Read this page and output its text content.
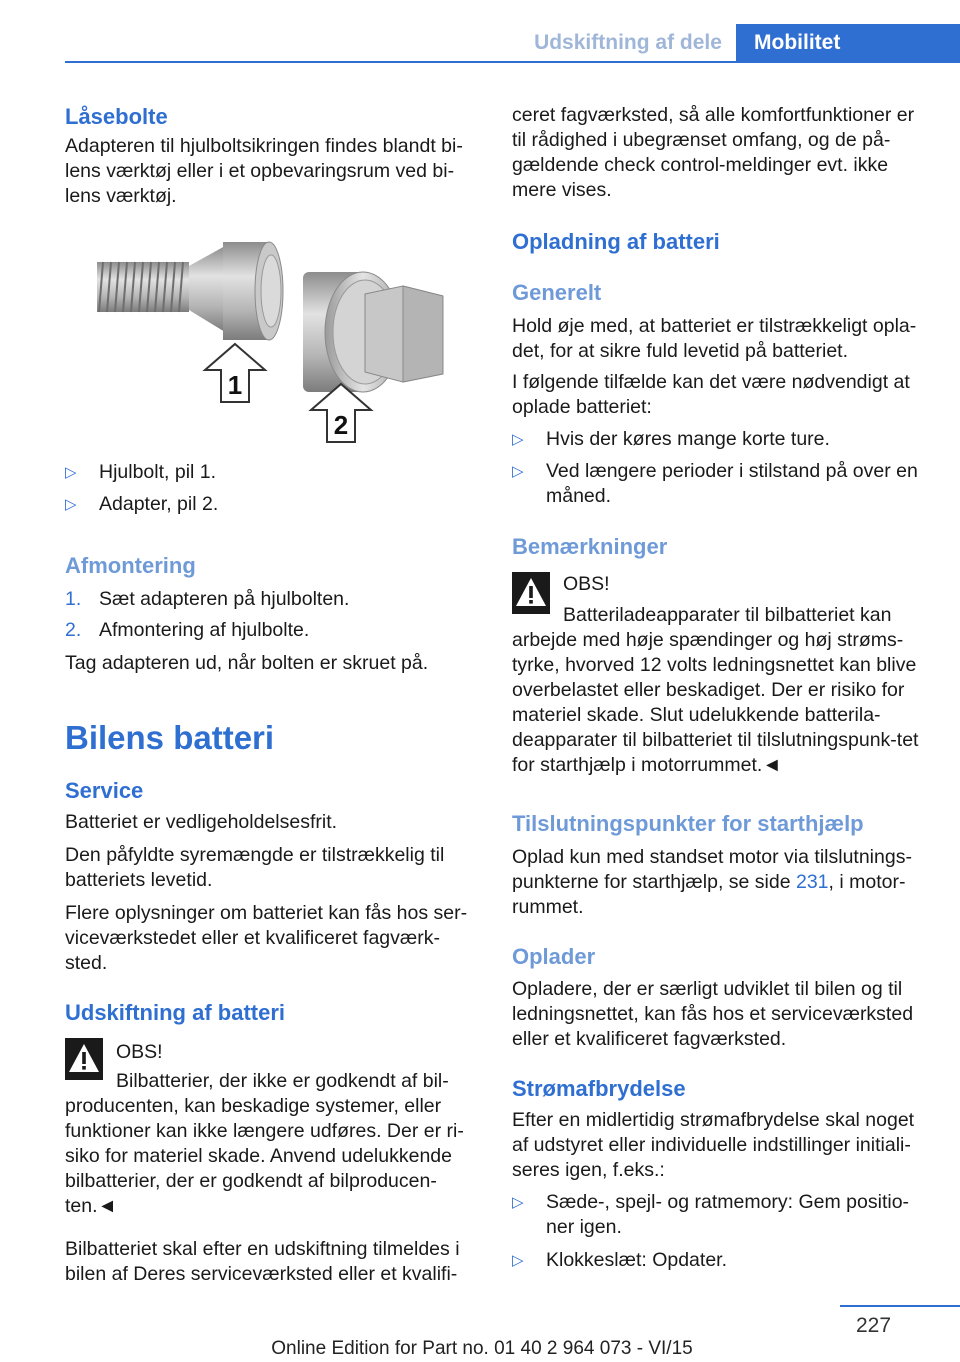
Udskiftning af dele	Mobilitet
Låsebolte

Adapteren til hjulboltsikringen findes blandt bi-lens værktøj eller i et opbevaringsrum ved bi-lens værktøj.

▷ Hjulbolt, pil 1.
▷ Adapter, pil 2.
Afmontering
1. Sæt adapteren på hjulbolten.
2. Afmontering af hjulbolte.

Tag adapteren ud, når bolten er skruet på.

Bilens batteri
Service

Batteriet er vedligeholdelsesfrit.

Den påfyldte syremængde er tilstrækkelig til batteriets levetid.

Flere oplysninger om batteriet kan fås hos ser-viceværkstedet eller et kvalificeret fagværk-sted.

Udskiftning af batteri

OBS!

Bilbatterier, der ikke er godkendt af bil-producenten, kan beskadige systemer, eller funktioner kan ikke længere udføres. Der er ri-siko for materiel skade. Anvend udelukkende bilbatterier, der er godkendt af bilproducen-ten.◄

Bilbatteriet skal efter en udskiftning tilmeldes i bilen af Deres serviceværksted eller et kvalifi-

1
2

ceret fagværksted, så alle komfortfunktioner er til rådighed i ubegrænset omfang, og de på-gældende check control-meldinger evt. ikke mere vises.

Opladning af batteri
Generelt

Hold øje med, at batteriet er tilstrækkeligt opla-det, for at sikre fuld levetid på batteriet.

I følgende tilfælde kan det være nødvendigt at oplade batteriet:

▷ Hvis der køres mange korte ture.
▷ Ved længere perioder i stilstand på over en måned.
Bemærkninger

OBS!

Batteriladeapparater til bilbatteriet kan arbejde med høje spændinger og høj strøms-tyrke, hvorved 12 volts ledningsnettet kan blive overbelastet eller beskadiget. Der er risiko for materiel skade. Slut udelukkende batterila-deapparater til bilbatteriet til tilslutningspunk-tet for starthjælp i motorrummet.◄

Tilslutningspunkter for starthjælp

Oplad kun med standset motor via tilslutnings-punkterne for starthjælp, se side 231, i motor-rummet.

Oplader

Opladere, der er særligt udviklet til bilen og til ledningsnettet, kan fås hos et serviceværksted eller et kvalificeret fagværksted.

Strømafbrydelse

Efter en midlertidig strømafbrydelse skal noget af udstyret eller individuelle indstillinger initiali-seres igen, f.eks.:

▷ Sæde-, spejl- og ratmemory: Gem positio-ner igen.
▷ Klokkeslæt: Opdater.
227
Online Edition for Part no. 01 40 2 964 073 - VI/15
